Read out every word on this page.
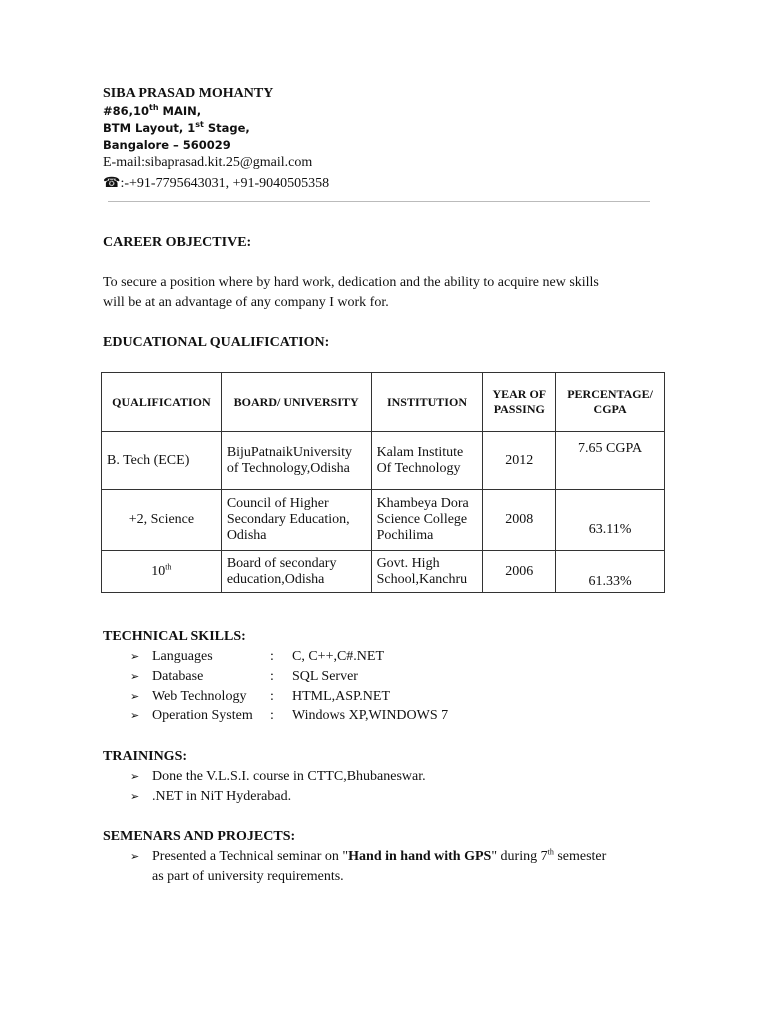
SIBA PRASAD MOHANTY
#86,10th MAIN,
BTM Layout, 1st Stage,
Bangalore – 560029
E-mail:sibaprasad.kit.25@gmail.com
☎:-+91-7795643031, +91-9040505358
CAREER OBJECTIVE:
To secure a position where by hard work, dedication and the ability to acquire new skills
will be at an advantage of any company I work for.
EDUCATIONAL QUALIFICATION:
QUALIFICATION	BOARD/ UNIVERSITY	INSTITUTION	YEAR OF PASSING	PERCENTAGE/ CGPA
B. Tech (ECE)	BijuPatnaikUniversity of Technology,Odisha	Kalam Institute Of Technology	2012	7.65 CGPA
+2, Science	Council of Higher Secondary Education, Odisha	Khambeya Dora Science College Pochilima	2008	63.11%
10th	Board of secondary education,Odisha	Govt. High School,Kanchru	2006	61.33%
TECHNICAL SKILLS:
➢ Languages	: C, C++,C#.NET
➢ Database	: SQL Server
➢ Web Technology : HTML,ASP.NET
➢ Operation System : Windows XP,WINDOWS 7
TRAININGS:
➢ Done the V.L.S.I. course in CTTC,Bhubaneswar.
➢ .NET in NiT Hyderabad.
SEMENARS AND PROJECTS:
➢ Presented a Technical seminar on "Hand in hand with GPS" during 7th semester
as part of university requirements.
